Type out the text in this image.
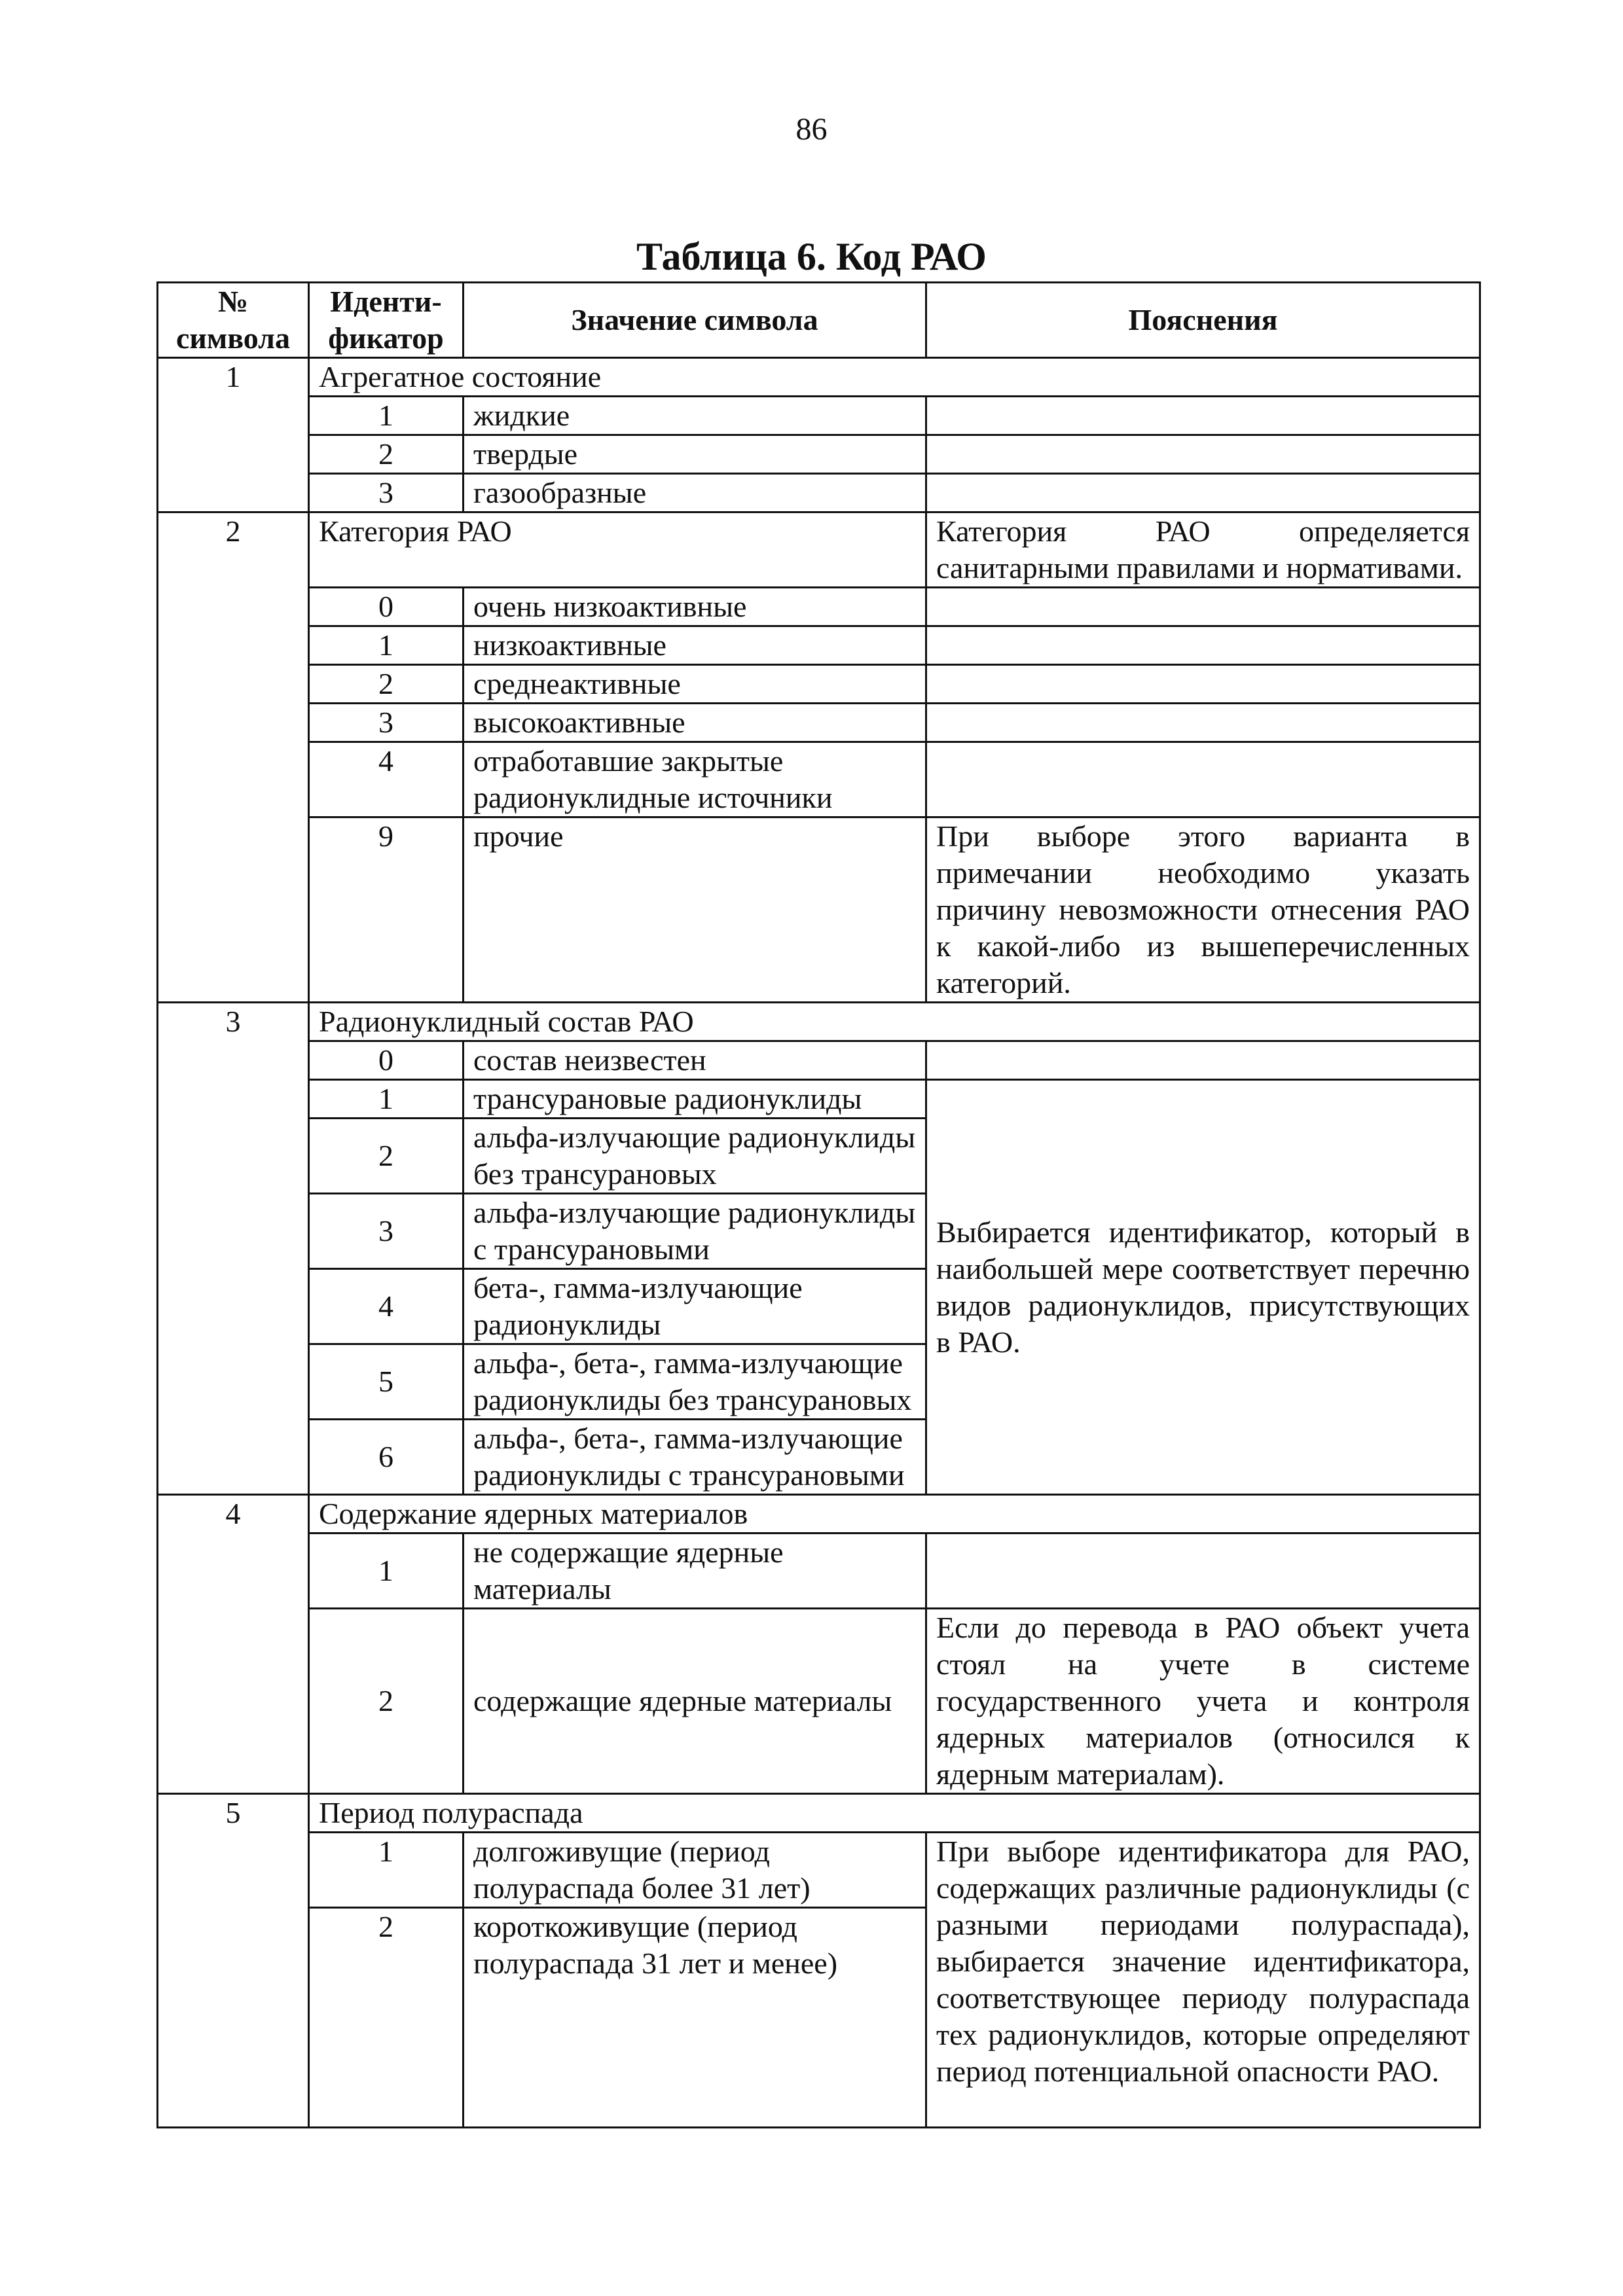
86
Таблица 6. Код РАО
№ символа	Иденти-фикатор	Значение символа	Пояснения
1	Агрегатное состояние		
	1	жидкие	
	2	твердые	
	3	газообразные	
2	Категория РАО		Категория РАО определяется санитарными правилами и нормативами.
	0	очень низкоактивные	
	1	низкоактивные	
	2	среднеактивные	
	3	высокоактивные	
	4	отработавшие закрытые радионуклидные источники	
	9	прочие	При выборе этого варианта в примечании необходимо указать причину невозможности отнесения РАО к какой-либо из вышеперечисленных категорий.
3	Радионуклидный состав РАО		
	0	состав неизвестен	
	1	трансурановые радионуклиды	Выбирается идентификатор, который в наибольшей мере соответствует перечню видов радионуклидов, присутствующих в РАО.
	2	альфа-излучающие радионуклиды без трансурановых	
	3	альфа-излучающие радионуклиды с трансурановыми	
	4	бета-, гамма-излучающие радионуклиды	
	5	альфа-, бета-, гамма-излучающие радионуклиды без трансурановых	
	6	альфа-, бета-, гамма-излучающие радионуклиды с трансурановыми	
4	Содержание ядерных материалов		
	1	не содержащие ядерные материалы	
	2	содержащие ядерные материалы	Если до перевода в РАО объект учета стоял на учете в системе государственного учета и контроля ядерных материалов (относился к ядерным материалам).
5	Период полураспада		
	1	долгоживущие (период полураспада более 31 лет)	При выборе идентификатора для РАО, содержащих различные радионуклиды (с разными периодами полураспада), выбирается значение идентификатора, соответствующее периоду полураспада тех радионуклидов, которые определяют период потенциальной опасности РАО.
	2	короткоживущие (период полураспада 31 лет и менее)	
